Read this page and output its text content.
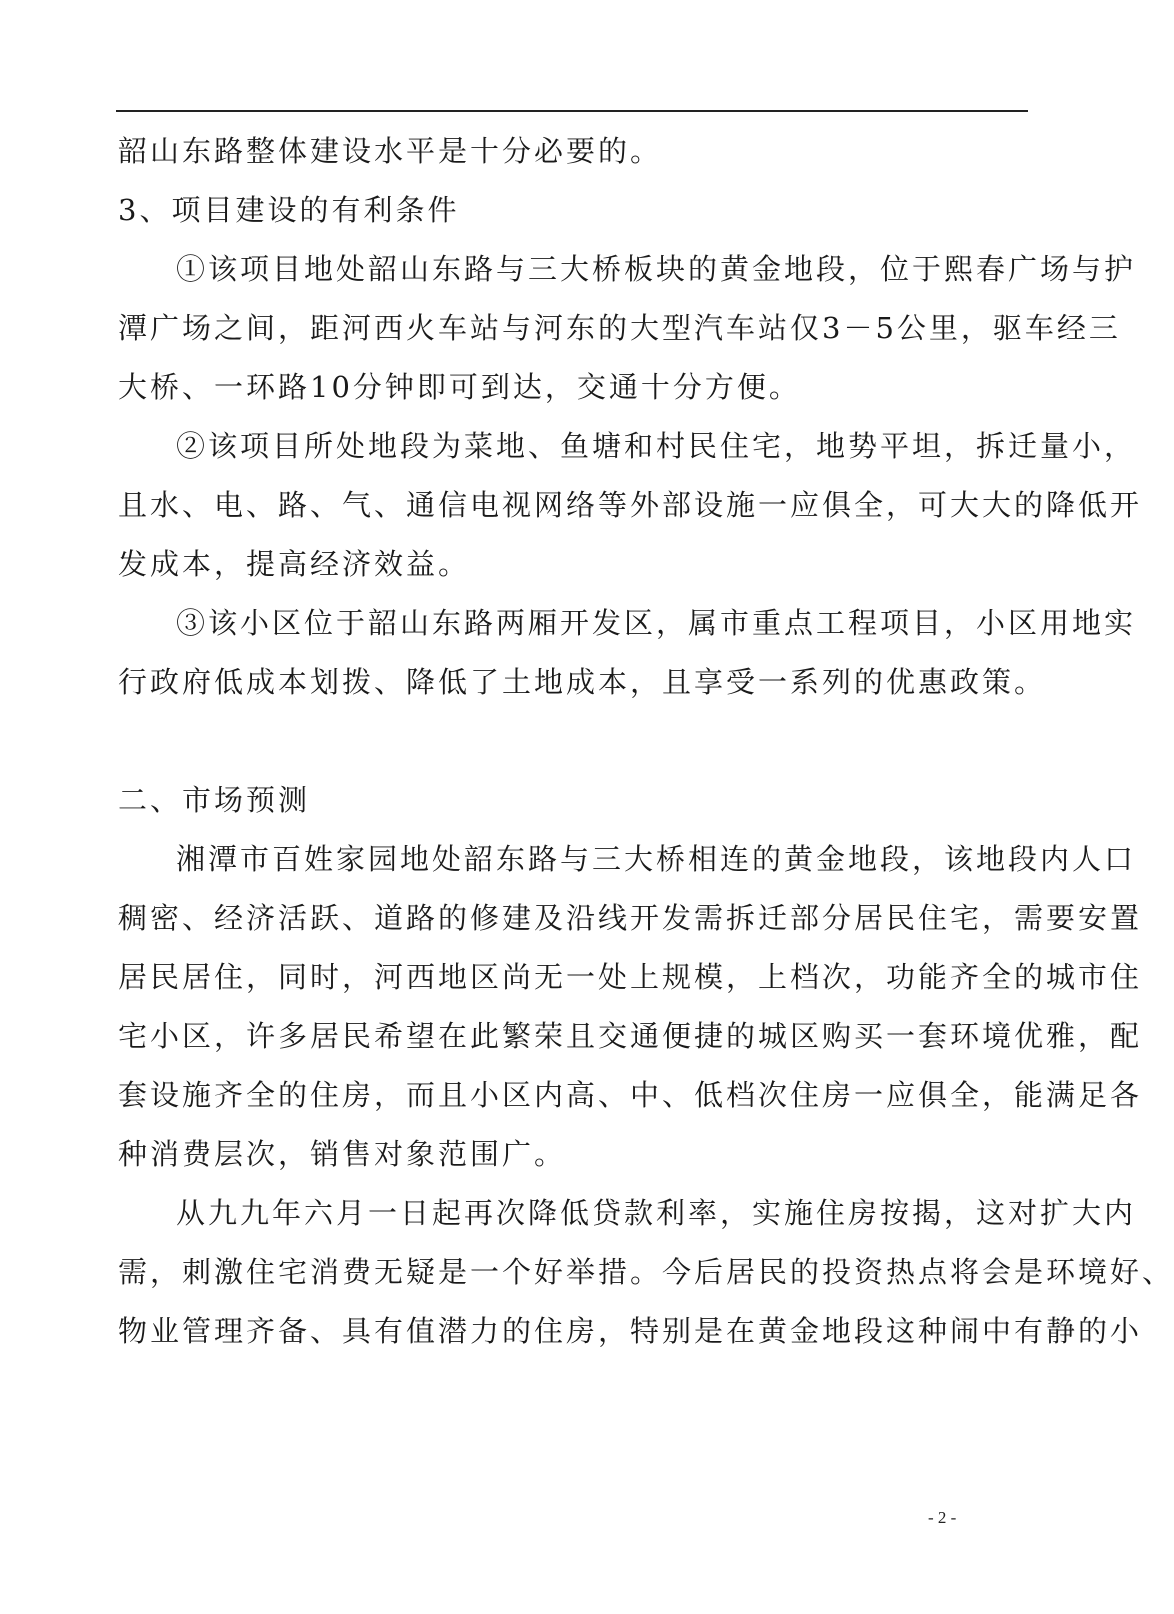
韶山东路整体建设水平是十分必要的。
3、项目建设的有利条件
①该项目地处韶山东路与三大桥板块的黄金地段，位于熙春广场与护
潭广场之间，距河西火车站与河东的大型汽车站仅3－5公里，驱车经三
大桥、一环路10分钟即可到达，交通十分方便。
②该项目所处地段为菜地、鱼塘和村民住宅，地势平坦，拆迁量小，
且水、电、路、气、通信电视网络等外部设施一应俱全，可大大的降低开
发成本，提高经济效益。
③该小区位于韶山东路两厢开发区，属市重点工程项目，小区用地实
行政府低成本划拨、降低了土地成本，且享受一系列的优惠政策。
二、市场预测
湘潭市百姓家园地处韶东路与三大桥相连的黄金地段，该地段内人口
稠密、经济活跃、道路的修建及沿线开发需拆迁部分居民住宅，需要安置
居民居住，同时，河西地区尚无一处上规模，上档次，功能齐全的城市住
宅小区，许多居民希望在此繁荣且交通便捷的城区购买一套环境优雅，配
套设施齐全的住房，而且小区内高、中、低档次住房一应俱全，能满足各
种消费层次，销售对象范围广。
从九九年六月一日起再次降低贷款利率，实施住房按揭，这对扩大内
需，刺激住宅消费无疑是一个好举措。今后居民的投资热点将会是环境好、
物业管理齐备、具有值潜力的住房，特别是在黄金地段这种闹中有静的小
- 2 -
